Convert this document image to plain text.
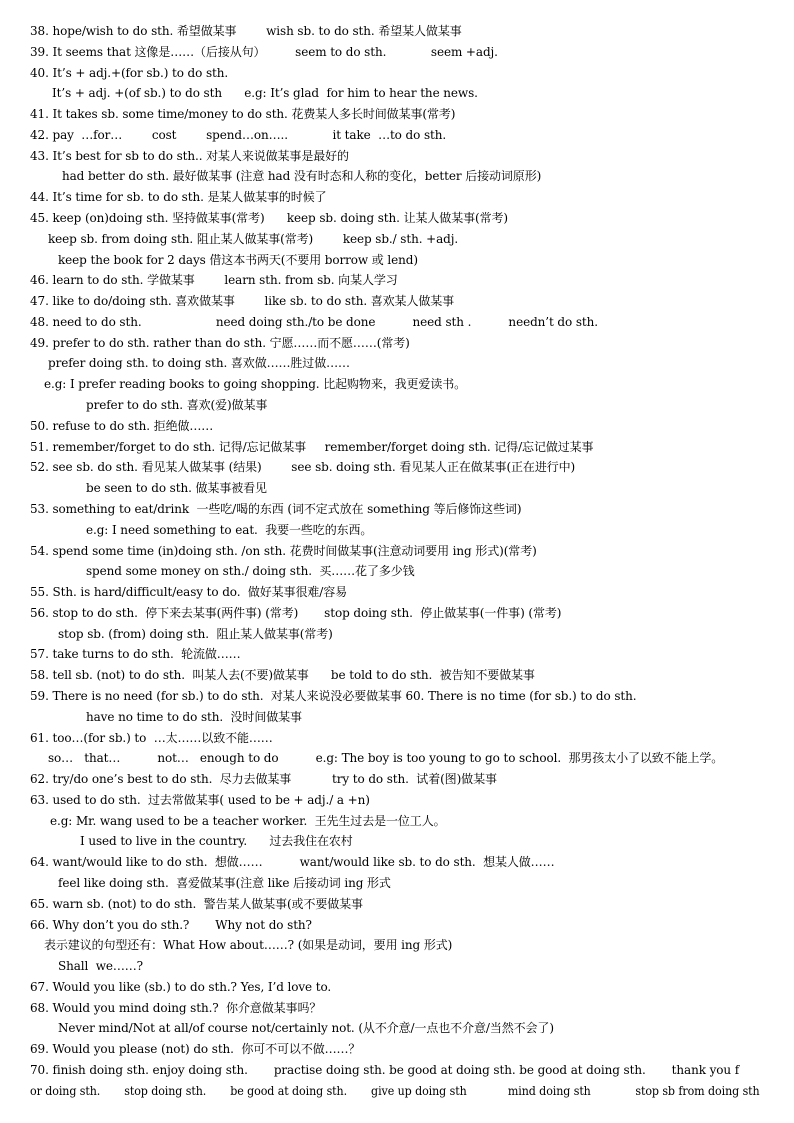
38. hope/wish to do sth. 希望做某事        wish sb. to do sth. 希望某人做某事
39. It seems that 这像是……（后接从句）        seem to do sth.            seem +adj.
40. It’s + adj.+(for sb.) to do sth.
It’s + adj. +(of sb.) to do sth      e.g: It’s glad  for him to hear the news.
41. It takes sb. some time/money to do sth. 花费某人多长时间做某事(常考)
42. pay  …for…        cost        spend…on…..            it take  …to do sth.
43. It’s best for sb to do sth.. 对某人来说做某事是最好的
had better do sth. 最好做某事 (注意 had 没有时态和人称的变化，better 后接动词原形)
44. It’s time for sb. to do sth. 是某人做某事的时候了
45. keep (on)doing sth. 坚持做某事(常考)      keep sb. doing sth. 让某人做某事(常考)
keep sb. from doing sth. 阻止某人做某事(常考)        keep sb./ sth. +adj.
keep the book for 2 days 借这本书两天(不要用 borrow 或 lend)
46. learn to do sth. 学做某事        learn sth. from sb. 向某人学习
47. like to do/doing sth. 喜欢做某事        like sb. to do sth. 喜欢某人做某事
48. need to do sth.                    need doing sth./to be done          need sth .          needn’t do sth.
49. prefer to do sth. rather than do sth. 宁愿……而不愿……(常考)
prefer doing sth. to doing sth. 喜欢做……胜过做……
e.g: I prefer reading books to going shopping. 比起购物来，我更爱读书。
prefer to do sth. 喜欢(爱)做某事
50. refuse to do sth. 拒绝做……
51. remember/forget to do sth. 记得/忘记做某事     remember/forget doing sth. 记得/忘记做过某事
52. see sb. do sth. 看见某人做某事 (结果)        see sb. doing sth. 看见某人正在做某事(正在进行中)
be seen to do sth. 做某事被看见
53. something to eat/drink  一些吃/喝的东西 (词不定式放在 something 等后修饰这些词)
e.g: I need something to eat.  我要一些吃的东西。
54. spend some time (in)doing sth. /on sth. 花费时间做某事(注意动词要用 ing 形式)(常考)
spend some money on sth./ doing sth.  买……花了多少钱
55. Sth. is hard/difficult/easy to do.  做好某事很难/容易
56. stop to do sth.  停下来去某事(两件事) (常考)       stop doing sth.  停止做某事(一件事) (常考)
stop sb. (from) doing sth.  阻止某人做某事(常考)
57. take turns to do sth.  轮流做……
58. tell sb. (not) to do sth.  叫某人去(不要)做某事      be told to do sth.  被告知不要做某事
59. There is no need (for sb.) to do sth.  对某人来说没必要做某事 60. There is no time (for sb.) to do sth.
have no time to do sth.  没时间做某事
61. too…(for sb.) to  …太……以致不能……
so…   that…          not…   enough to do          e.g: The boy is too young to go to school.  那男孩太小了以致不能上学。
62. try/do one’s best to do sth.  尽力去做某事           try to do sth.  试着(图)做某事
63. used to do sth.  过去常做某事( used to be + adj./ a +n)
e.g: Mr. wang used to be a teacher worker.  王先生过去是一位工人。
I used to live in the country.      过去我住在农村
64. want/would like to do sth.  想做……          want/would like sb. to do sth.  想某人做……
feel like doing sth.  喜爱做某事(注意 like 后接动词 ing 形式
65. warn sb. (not) to do sth.  警告某人做某事(或不要做某事
66. Why don’t you do sth.?       Why not do sth?
表示建议的句型还有：What How about……? (如果是动词，要用 ing 形式)
Shall  we……?
67. Would you like (sb.) to do sth.? Yes, I’d love to.
68. Would you mind doing sth.?  你介意做某事吗？
Never mind/Not at all/of course not/certainly not. (从不介意/一点也不介意/当然不会了)
69. Would you please (not) do sth.  你可不可以不做……？
70. finish doing sth. enjoy doing sth.       practise doing sth. be good at doing sth. be good at doing sth.       thank you f
or doing sth.       stop doing sth.       be good at doing sth.       give up doing sth            mind doing sth             stop sb from doing sth
